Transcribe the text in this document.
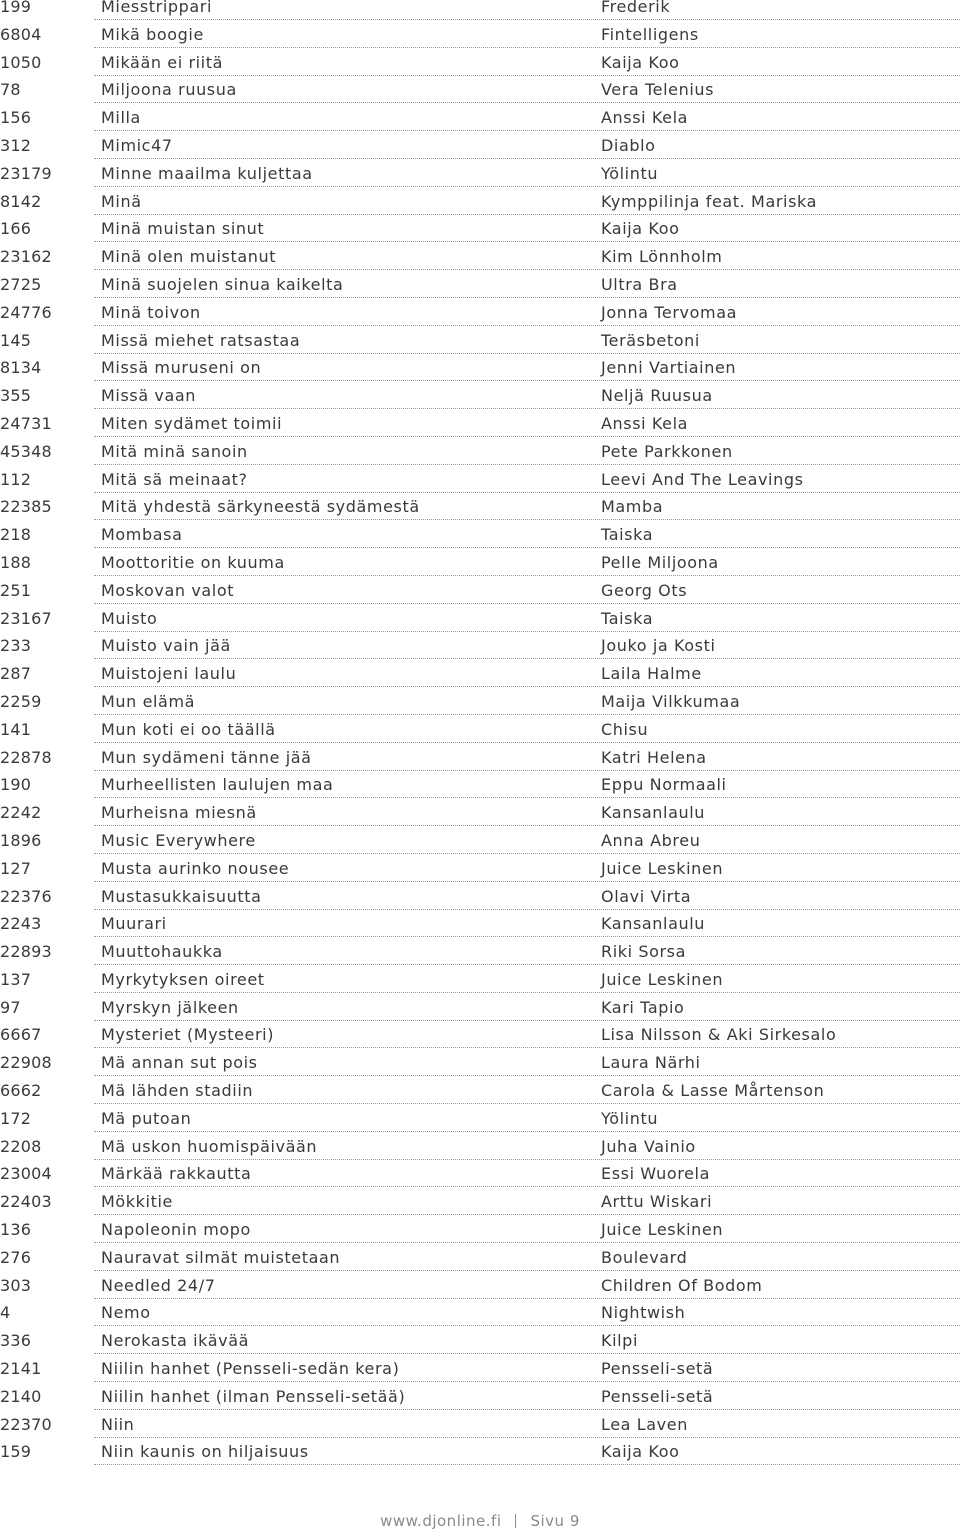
199	Miesstrippari	Frederik
6804	Mikä boogie	Fintelligens
1050	Mikään ei riitä	Kaija Koo
78	Miljoona ruusua	Vera Telenius
156	Milla	Anssi Kela
312	Mimic47	Diablo
23179	Minne maailma kuljettaa	Yölintu
8142	Minä	Kymppilinja feat. Mariska
166	Minä muistan sinut	Kaija Koo
23162	Minä olen muistanut	Kim Lönnholm
2725	Minä suojelen sinua kaikelta	Ultra Bra
24776	Minä toivon	Jonna Tervomaa
145	Missä miehet ratsastaa	Teräsbetoni
8134	Missä muruseni on	Jenni Vartiainen
355	Missä vaan	Neljä Ruusua
24731	Miten sydämet toimii	Anssi Kela
45348	Mitä minä sanoin	Pete Parkkonen
112	Mitä sä meinaat?	Leevi And The Leavings
22385	Mitä yhdestä särkyneestä sydämestä	Mamba
218	Mombasa	Taiska
188	Moottoritie on kuuma	Pelle Miljoona
251	Moskovan valot	Georg Ots
23167	Muisto	Taiska
233	Muisto vain jää	Jouko ja Kosti
287	Muistojeni laulu	Laila Halme
2259	Mun elämä	Maija Vilkkumaa
141	Mun koti ei oo täällä	Chisu
22878	Mun sydämeni tänne jää	Katri Helena
190	Murheellisten laulujen maa	Eppu Normaali
2242	Murheisna miesnä	Kansanlaulu
1896	Music Everywhere	Anna Abreu
127	Musta aurinko nousee	Juice Leskinen
22376	Mustasukkaisuutta	Olavi Virta
2243	Muurari	Kansanlaulu
22893	Muuttohaukka	Riki Sorsa
137	Myrkytyksen oireet	Juice Leskinen
97	Myrskyn jälkeen	Kari Tapio
6667	Mysteriet (Mysteeri)	Lisa Nilsson & Aki Sirkesalo
22908	Mä annan sut pois	Laura Närhi
6662	Mä lähden stadiin	Carola & Lasse Mårtenson
172	Mä putoan	Yölintu
2208	Mä uskon huomispäivään	Juha Vainio
23004	Märkää rakkautta	Essi Wuorela
22403	Mökkitie	Arttu Wiskari
136	Napoleonin mopo	Juice Leskinen
276	Nauravat silmät muistetaan	Boulevard
303	Needled 24/7	Children Of Bodom
4	Nemo	Nightwish
336	Nerokasta ikävää	Kilpi
2141	Niilin hanhet (Pensseli-sedän kera)	Pensseli-setä
2140	Niilin hanhet (ilman Pensseli-setää)	Pensseli-setä
22370	Niin	Lea Laven
159	Niin kaunis on hiljaisuus	Kaija Koo
www.djonline.fi Sivu 9
